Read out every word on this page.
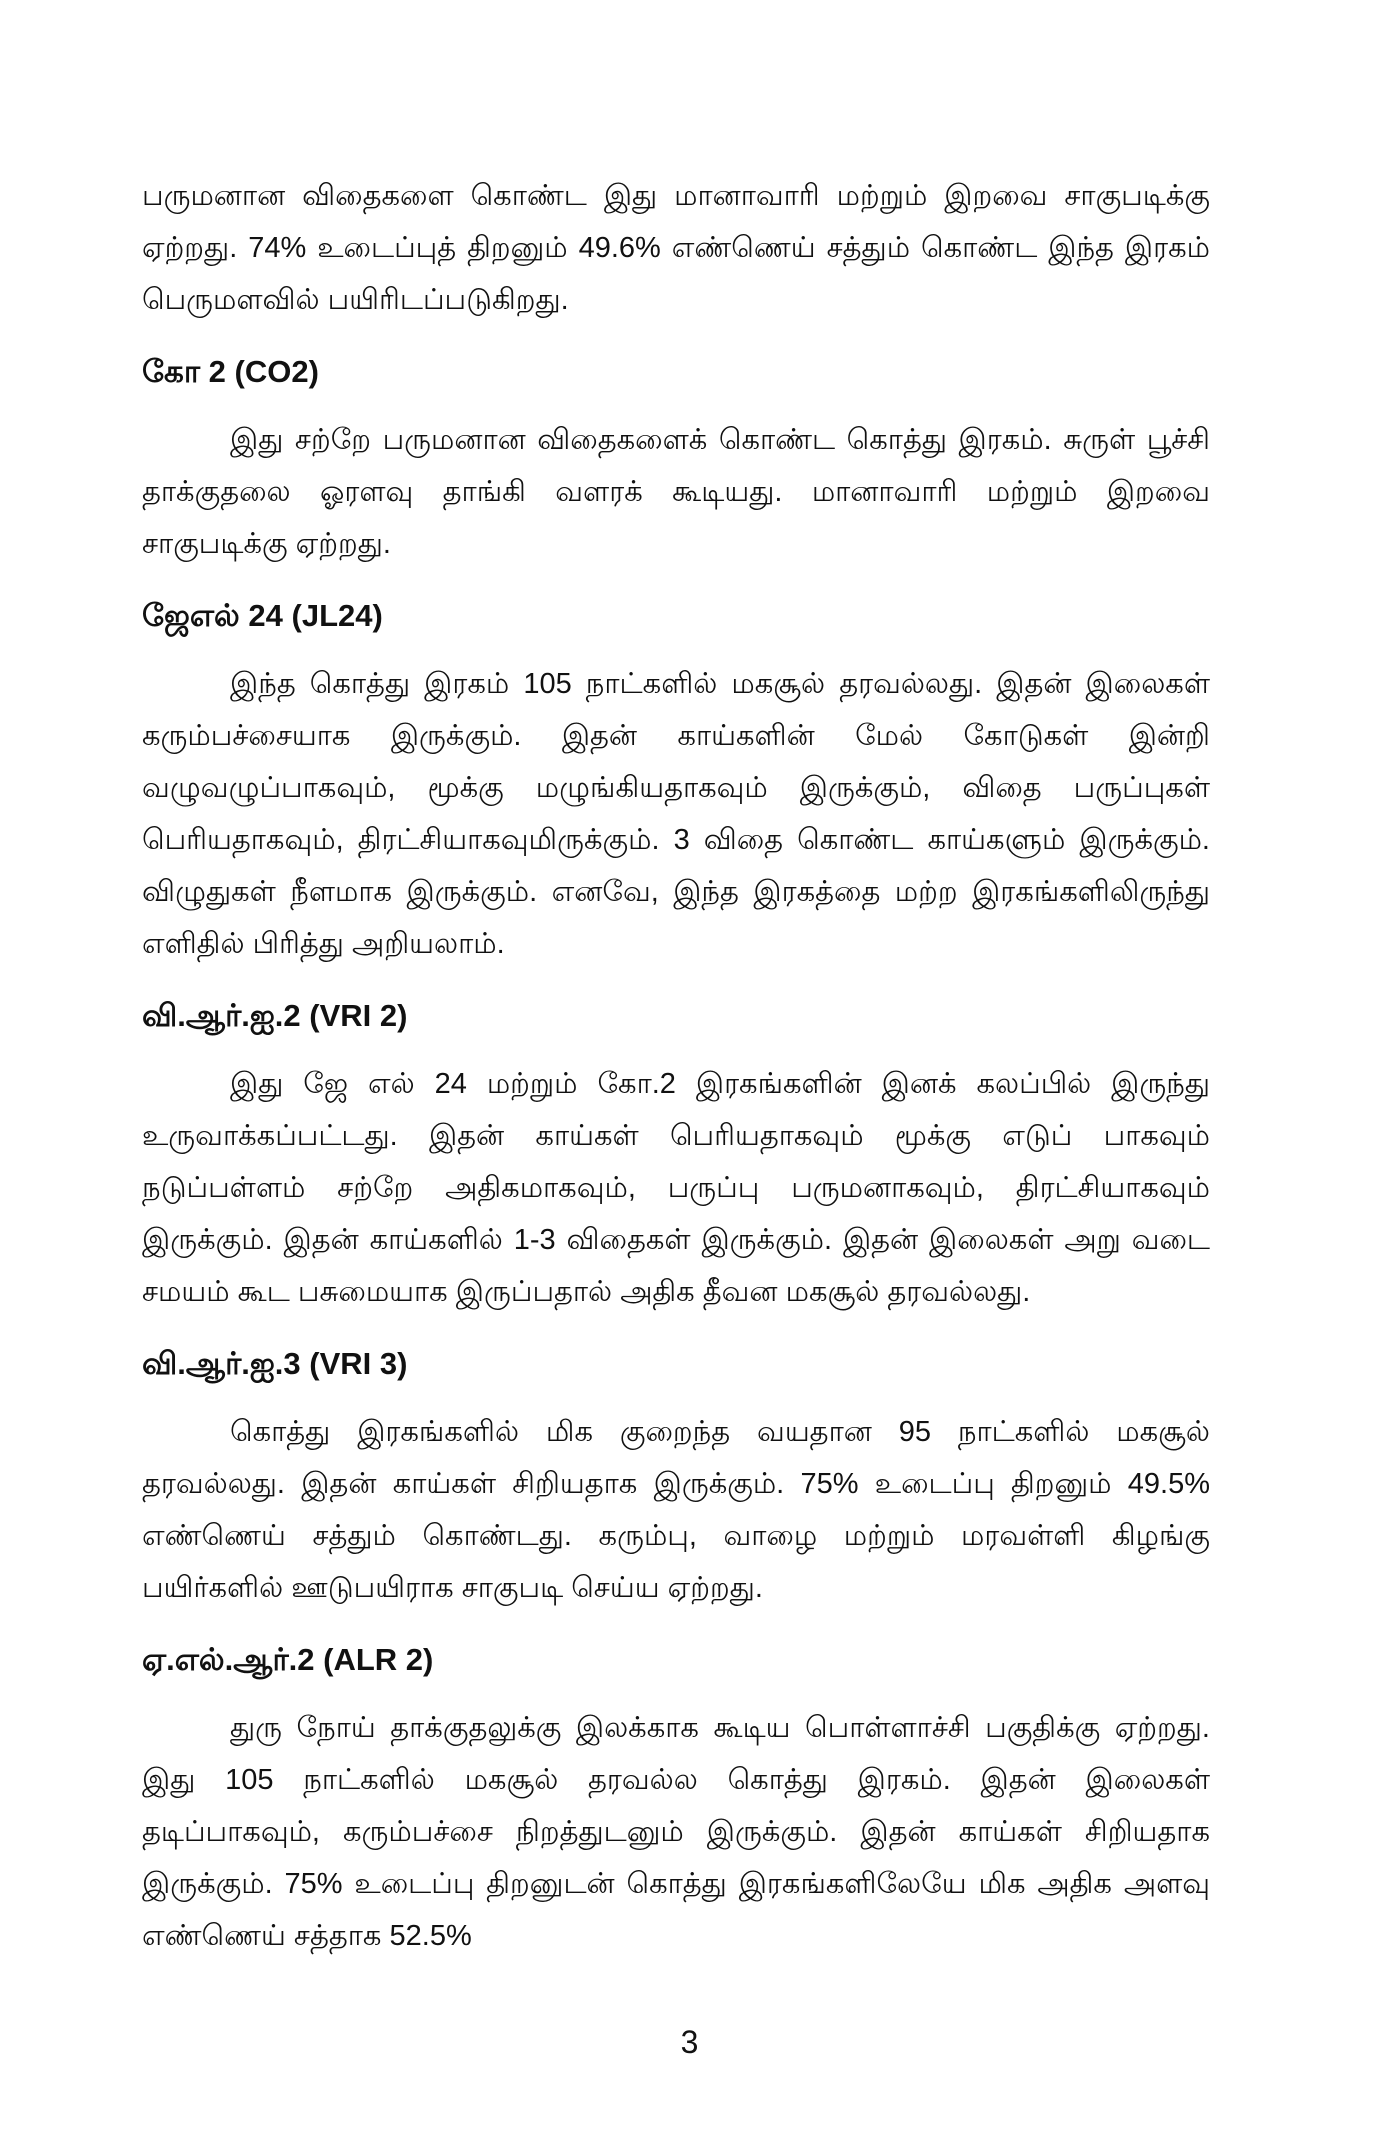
பருமனான விதைகளை கொண்ட இது மானாவாரி மற்றும் இறவை சாகுபடிக்கு ஏற்றது. 74% உடைப்புத் திறனும் 49.6% எண்ணெய் சத்தும் கொண்ட இந்த இரகம் பெருமளவில் பயிரிடப்படுகிறது.

கோ 2 (CO2)

இது சற்றே பருமனான விதைகளைக் கொண்ட கொத்து இரகம். சுருள் பூச்சி தாக்குதலை ஓரளவு தாங்கி வளரக் கூடியது. மானாவாரி மற்றும் இறவை சாகுபடிக்கு ஏற்றது.

ஜேஎல் 24 (JL24)

இந்த கொத்து இரகம் 105 நாட்களில் மகசூல் தரவல்லது. இதன் இலைகள் கரும்பச்சையாக இருக்கும். இதன் காய்களின் மேல் கோடுகள் இன்றி வழுவழுப்பாகவும், மூக்கு மழுங்கியதாகவும் இருக்கும், விதை பருப்புகள் பெரியதாகவும், திரட்சியாகவுமிருக்கும். 3 விதை கொண்ட காய்களும் இருக்கும். விழுதுகள் நீளமாக இருக்கும். எனவே, இந்த இரகத்தை மற்ற இரகங்களிலிருந்து எளிதில் பிரித்து அறியலாம்.

வி.ஆர்.ஐ.2 (VRI 2)

இது ஜே எல் 24 மற்றும் கோ.2 இரகங்களின் இனக் கலப்பில் இருந்து உருவாக்கப்பட்டது. இதன் காய்கள் பெரியதாகவும் மூக்கு எடுப் பாகவும் நடுப்பள்ளம் சற்றே அதிகமாகவும், பருப்பு பருமனாகவும், திரட்சியாகவும் இருக்கும். இதன் காய்களில் 1-3 விதைகள் இருக்கும். இதன் இலைகள் அறு வடை சமயம் கூட பசுமையாக இருப்பதால் அதிக தீவன மகசூல் தரவல்லது.

வி.ஆர்.ஐ.3 (VRI 3)

கொத்து இரகங்களில் மிக குறைந்த வயதான 95 நாட்களில் மகசூல் தரவல்லது. இதன் காய்கள் சிறியதாக இருக்கும். 75% உடைப்பு திறனும் 49.5% எண்ணெய் சத்தும் கொண்டது. கரும்பு, வாழை மற்றும் மரவள்ளி கிழங்கு பயிர்களில் ஊடுபயிராக சாகுபடி செய்ய ஏற்றது.

ஏ.எல்.ஆர்.2 (ALR 2)

துரு நோய் தாக்குதலுக்கு இலக்காக கூடிய பொள்ளாச்சி பகுதிக்கு ஏற்றது. இது 105 நாட்களில் மகசூல் தரவல்ல கொத்து இரகம். இதன் இலைகள் தடிப்பாகவும், கரும்பச்சை நிறத்துடனும் இருக்கும். இதன் காய்கள் சிறியதாக இருக்கும். 75% உடைப்பு திறனுடன் கொத்து இரகங்களிலேயே மிக அதிக அளவு எண்ணெய் சத்தாக 52.5%

3
